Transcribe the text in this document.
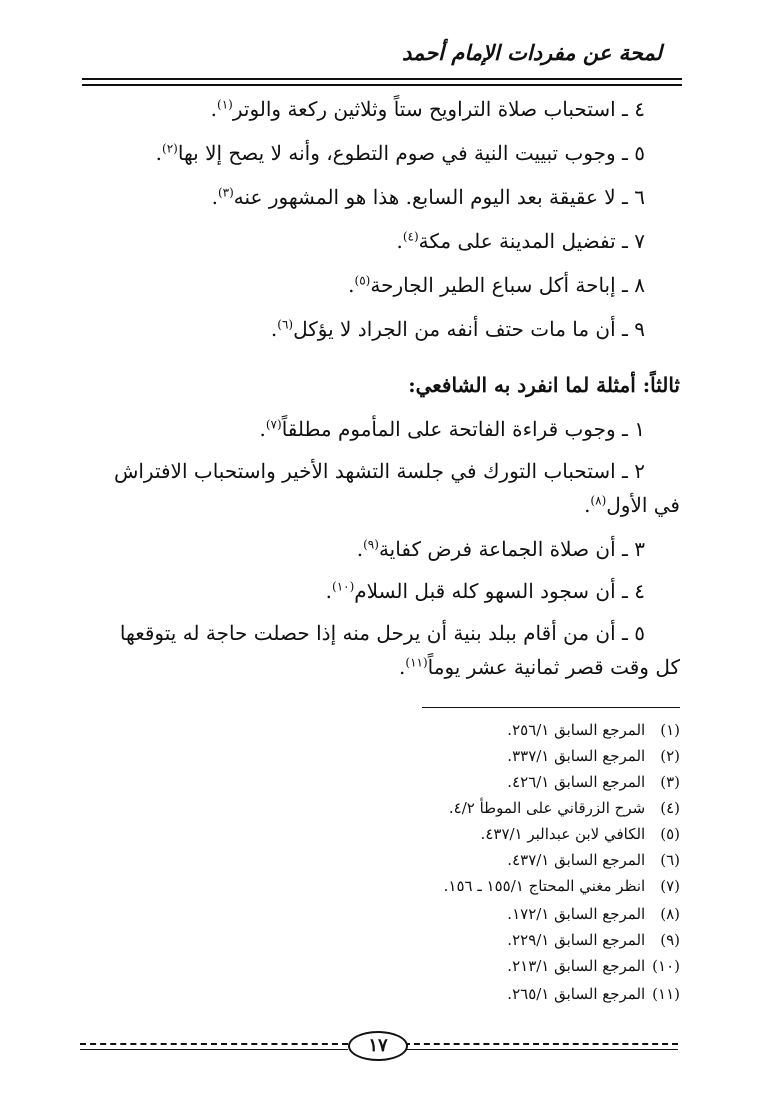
لمحة عن مفردات الإمام أحمد
٤ ـ استحباب صلاة التراويح ستاً وثلاثين ركعة والوتر$^{(١)}$.
٥ ـ وجوب تبييت النية في صوم التطوع، وأنه لا يصح إلا بها$^{(٢)}$.
٦ ـ لا عقيقة بعد اليوم السابع. هذا هو المشهور عنه$^{(٣)}$.
٧ ـ تفضيل المدينة على مكة$^{(٤)}$.
٨ ـ إباحة أكل سباع الطير الجارحة$^{(٥)}$.
٩ ـ أن ما مات حتف أنفه من الجراد لا يؤكل$^{(٦)}$.
ثالثاً: أمثلة لما انفرد به الشافعي:
١ ـ وجوب قراءة الفاتحة على المأموم مطلقاً$^{(٧)}$.
٢ ـ استحباب التورك في جلسة التشهد الأخير واستحباب الافتراش
في الأول$^{(٨)}$.
٣ ـ أن صلاة الجماعة فرض كفاية$^{(٩)}$.
٤ ـ أن سجود السهو كله قبل السلام$^{(١٠)}$.
٥ ـ أن من أقام ببلد بنية أن يرحل منه إذا حصلت حاجة له يتوقعها
كل وقت قصر ثمانية عشر يوماً$^{(١١)}$.
(١) المرجع السابق ٢٥٦/١.
(٢) المرجع السابق ٣٣٧/١.
(٣) المرجع السابق ٤٢٦/١.
(٤) شرح الزرقاني على الموطأ ٤/٢.
(٥) الكافي لابن عبدالبر ٤٣٧/١.
(٦) المرجع السابق ٤٣٧/١.
(٧) انظر مغني المحتاج ١٥٥/١ ـ ١٥٦.
(٨) المرجع السابق ١٧٢/١.
(٩) المرجع السابق ٢٢٩/١.
(١٠) المرجع السابق ٢١٣/١.
(١١) المرجع السابق ٢٦٥/١.
١٧
